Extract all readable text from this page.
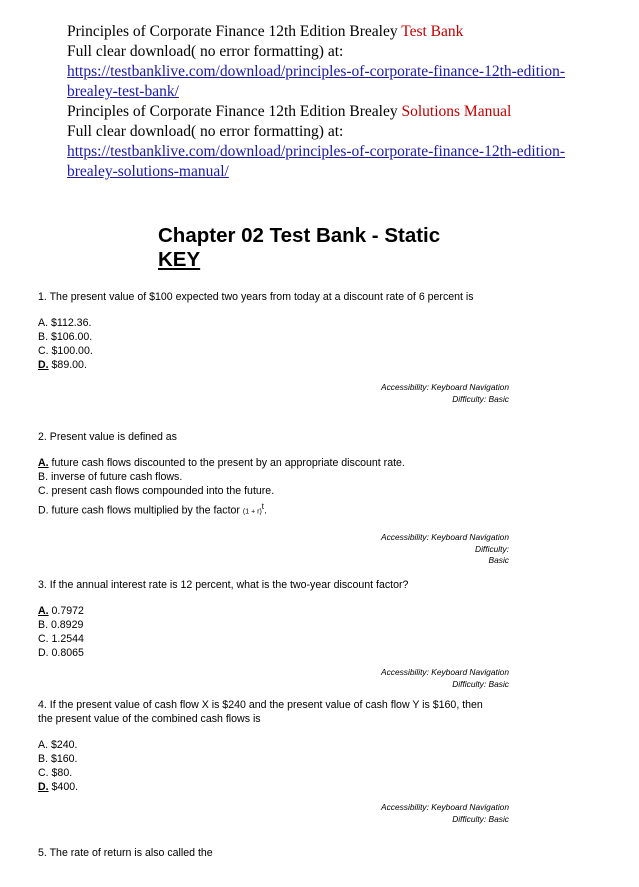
Principles of Corporate Finance 12th Edition Brealey Test Bank
Full clear download( no error formatting) at:
https://testbanklive.com/download/principles-of-corporate-finance-12th-edition-brealey-test-bank/
Principles of Corporate Finance 12th Edition Brealey Solutions Manual
Full clear download( no error formatting) at:
https://testbanklive.com/download/principles-of-corporate-finance-12th-edition-brealey-solutions-manual/
Chapter 02 Test Bank - Static
KEY
1. The present value of $100 expected two years from today at a discount rate of 6 percent is
A. $112.36.
B. $106.00.
C. $100.00.
D. $89.00.
Accessibility: Keyboard Navigation
Difficulty: Basic
2. Present value is defined as
A. future cash flows discounted to the present by an appropriate discount rate.
B. inverse of future cash flows.
C. present cash flows compounded into the future.
D. future cash flows multiplied by the factor $(1 + r)^t$.
Accessibility: Keyboard Navigation
Difficulty:
Basic
3. If the annual interest rate is 12 percent, what is the two-year discount factor?
A. 0.7972
B. 0.8929
C. 1.2544
D. 0.8065
Accessibility: Keyboard Navigation
Difficulty: Basic
4. If the present value of cash flow X is $240 and the present value of cash flow Y is $160, then
the present value of the combined cash flows is
A. $240.
B. $160.
C. $80.
D. $400.
Accessibility: Keyboard Navigation
Difficulty: Basic
5. The rate of return is also called the
